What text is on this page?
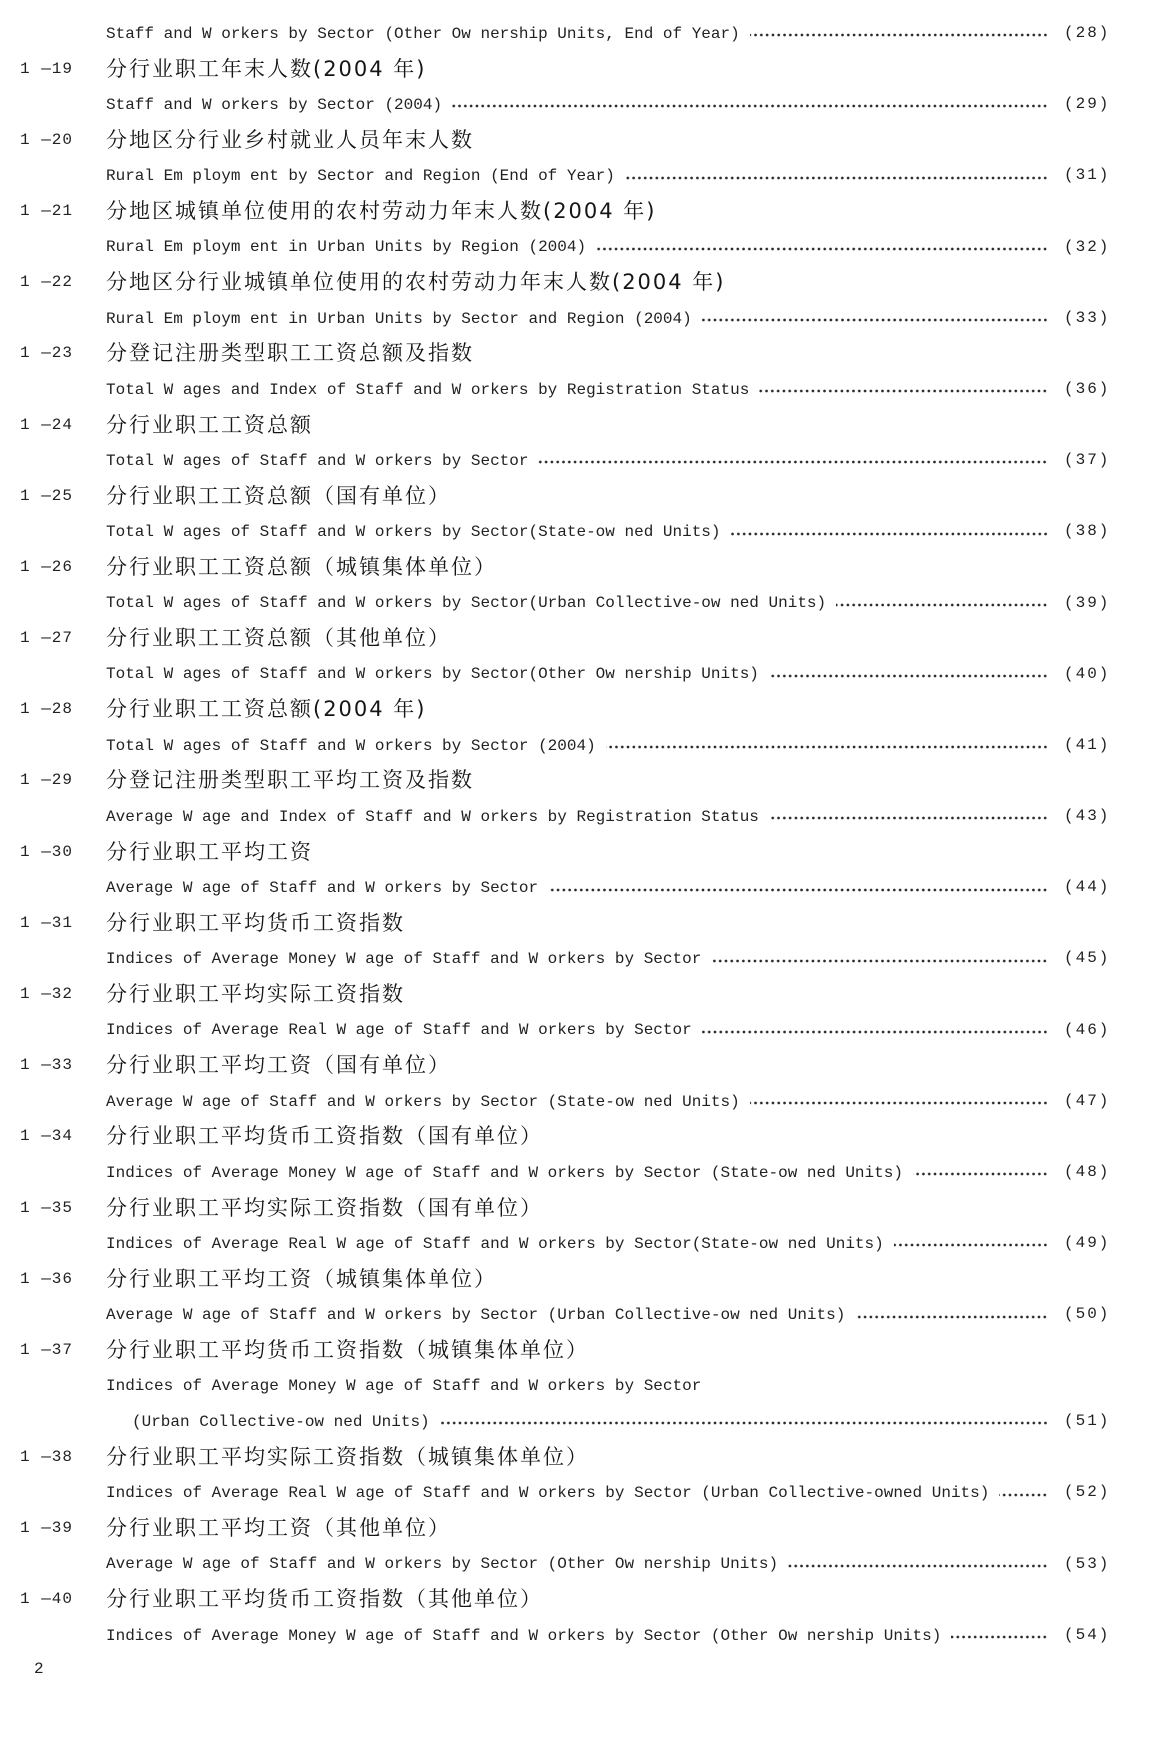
Staff and W orkers by Sector (Other Ow nership Units, End of Year)	(28)
1 —19 分行业职工年末人数(2004 年)
Staff and W orkers by Sector (2004)	(29)
1 —20 分地区分行业乡村就业人员年末人数
Rural Em ploym ent by Sector and Region (End of Year)	(31)
1 —21 分地区城镇单位使用的农村劳动力年末人数(2004 年)
Rural Em ploym ent in Urban Units by Region (2004)	(32)
1 —22 分地区分行业城镇单位使用的农村劳动力年末人数(2004 年)
Rural Em ploym ent in Urban Units by Sector and Region (2004)	(33)
1 —23 分登记注册类型职工工资总额及指数
Total W ages and Index of Staff and W orkers by Registration Status	(36)
1 —24 分行业职工工资总额
Total W ages of Staff and W orkers by Sector	(37)
1 —25 分行业职工工资总额（国有单位）
Total W ages of Staff and W orkers by Sector(State-ow ned Units)	(38)
1 —26 分行业职工工资总额（城镇集体单位）
Total W ages of Staff and W orkers by Sector(Urban Collective-ow ned Units)	(39)
1 —27 分行业职工工资总额（其他单位）
Total W ages of Staff and W orkers by Sector(Other Ow nership Units)	(40)
1 —28 分行业职工工资总额(2004 年)
Total W ages of Staff and W orkers by Sector (2004)	(41)
1 —29 分登记注册类型职工平均工资及指数
Average W age and Index of Staff and W orkers by Registration Status	(43)
1 —30 分行业职工平均工资
Average W age of Staff and W orkers by Sector	(44)
1 —31 分行业职工平均货币工资指数
Indices of Average Money W age of Staff and W orkers by Sector	(45)
1 —32 分行业职工平均实际工资指数
Indices of Average Real W age of Staff and W orkers by Sector	(46)
1 —33 分行业职工平均工资（国有单位）
Average W age of Staff and W orkers by Sector (State-ow ned Units)	(47)
1 —34 分行业职工平均货币工资指数（国有单位）
Indices of Average Money W age of Staff and W orkers by Sector (State-ow ned Units)	(48)
1 —35 分行业职工平均实际工资指数（国有单位）
Indices of Average Real W age of Staff and W orkers by Sector(State-ow ned Units)	(49)
1 —36 分行业职工平均工资（城镇集体单位）
Average W age of Staff and W orkers by Sector (Urban Collective-ow ned Units)	(50)
1 —37 分行业职工平均货币工资指数（城镇集体单位）
Indices of Average Money W age of Staff and W orkers by Sector
(Urban Collective-ow ned Units)	(51)
1 —38 分行业职工平均实际工资指数（城镇集体单位）
Indices of Average Real W age of Staff and W orkers by Sector (Urban Collective-owned Units)	(52)
1 —39 分行业职工平均工资（其他单位）
Average W age of Staff and W orkers by Sector (Other Ow nership Units)	(53)
1 —40 分行业职工平均货币工资指数（其他单位）
Indices of Average Money W age of Staff and W orkers by Sector (Other Ow nership Units)	(54)
2
